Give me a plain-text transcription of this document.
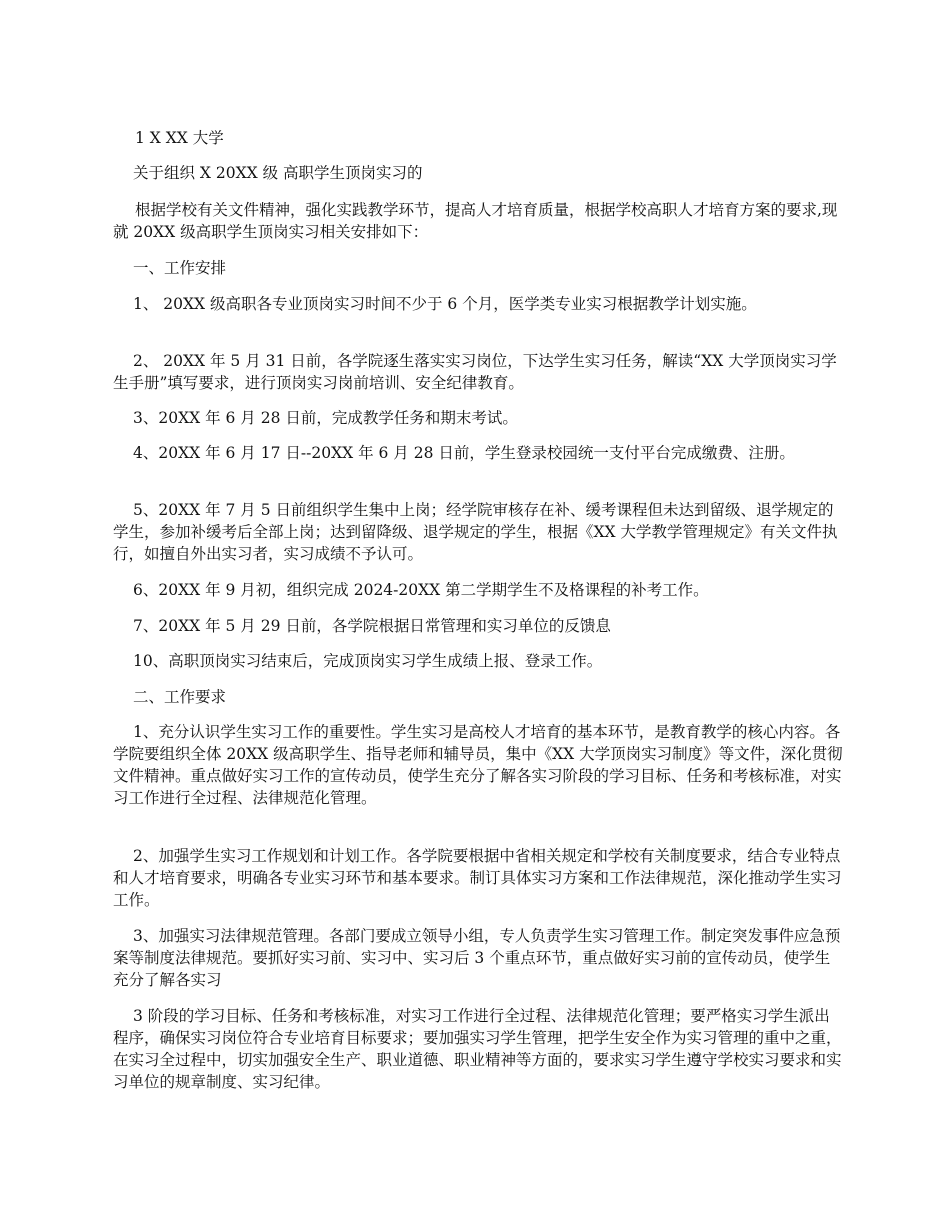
1 X XX 大学

关于组织 X 20XX 级 高职学生顶岗实习的

根据学校有关文件精神，强化实践教学环节，提高人才培育质量，根据学校高职人才培育方案的要求,现就 20XX 级高职学生顶岗实习相关安排如下：

一、工作安排

1、 20XX 级高职各专业顶岗实习时间不少于 6 个月，医学类专业实习根据教学计划实施。

2、 20XX 年 5 月 31 日前，各学院逐生落实实习岗位，下达学生实习任务，解读“XX 大学顶岗实习学生手册”填写要求，进行顶岗实习岗前培训、安全纪律教育。

3、20XX 年 6 月 28 日前，完成教学任务和期末考试。

4、20XX 年 6 月 17 日--20XX 年 6 月 28 日前，学生登录校园统一支付平台完成缴费、注册。

5、20XX 年 7 月 5 日前组织学生集中上岗；经学院审核存在补、缓考课程但未达到留级、退学规定的学生，参加补缓考后全部上岗；达到留降级、退学规定的学生，根据《XX 大学教学管理规定》有关文件执行，如擅自外出实习者，实习成绩不予认可。

6、20XX 年 9 月初，组织完成 2024-20XX 第二学期学生不及格课程的补考工作。

7、20XX 年 5 月 29 日前，各学院根据日常管理和实习单位的反馈息

10、高职顶岗实习结束后，完成顶岗实习学生成绩上报、登录工作。

二、工作要求

1、充分认识学生实习工作的重要性。学生实习是高校人才培育的基本环节，是教育教学的核心内容。各学院要组织全体 20XX 级高职学生、指导老师和辅导员，集中《XX 大学顶岗实习制度》等文件，深化贯彻文件精神。重点做好实习工作的宣传动员，使学生充分了解各实习阶段的学习目标、任务和考核标准，对实习工作进行全过程、法律规范化管理。

2、加强学生实习工作规划和计划工作。各学院要根据中省相关规定和学校有关制度要求，结合专业特点和人才培育要求，明确各专业实习环节和基本要求。制订具体实习方案和工作法律规范，深化推动学生实习工作。

3、加强实习法律规范管理。各部门要成立领导小组，专人负责学生实习管理工作。制定突发事件应急预案等制度法律规范。要抓好实习前、实习中、实习后 3 个重点环节，重点做好实习前的宣传动员，使学生充分了解各实习

3 阶段的学习目标、任务和考核标准，对实习工作进行全过程、法律规范化管理；要严格实习学生派出程序，确保实习岗位符合专业培育目标要求；要加强实习学生管理，把学生安全作为实习管理的重中之重，在实习全过程中，切实加强安全生产、职业道德、职业精神等方面的，要求实习学生遵守学校实习要求和实习单位的规章制度、实习纪律。
